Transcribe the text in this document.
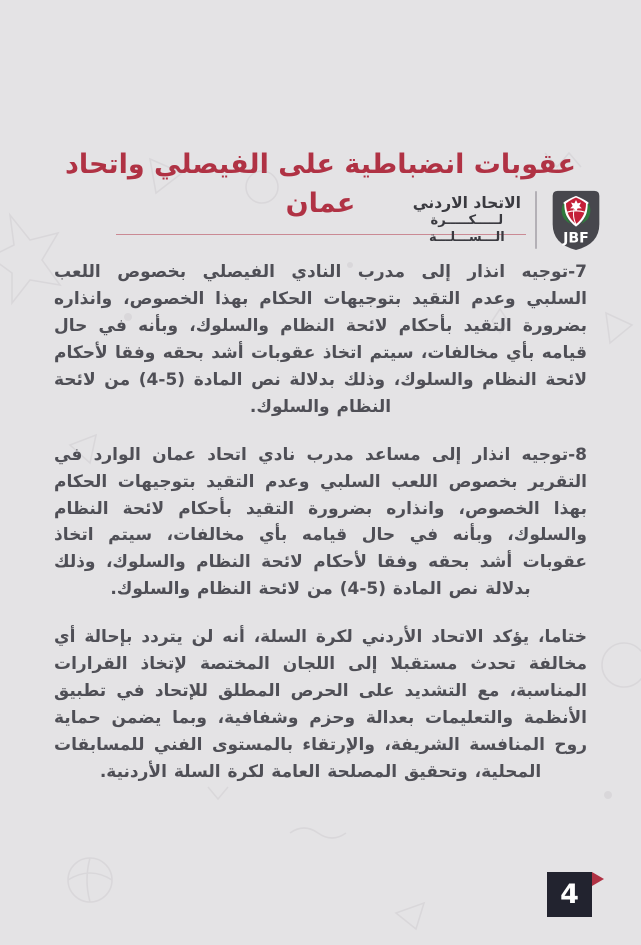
الاتحاد الاردني
لـــــكـــــرة
الـــســـلـــة	JBF
عقوبات انضباطية على الفيصلي واتحاد عمان

7-توجيه انذار إلى مدرب النادي الفيصلي بخصوص اللعب السلبي وعدم التقيد بتوجيهات الحكام بهذا الخصوص، وانذاره بضرورة التقيد بأحكام لائحة النظام والسلوك، وبأنه في حال قيامه بأي مخالفات، سيتم اتخاذ عقوبات أشد بحقه وفقا لأحكام لائحة النظام والسلوك، وذلك بدلالة نص المادة (5-4) من لائحة النظام والسلوك.

8-توجيه انذار إلى مساعد مدرب نادي اتحاد عمان الوارد في التقرير بخصوص اللعب السلبي وعدم التقيد بتوجيهات الحكام بهذا الخصوص، وانذاره بضرورة التقيد بأحكام لائحة النظام والسلوك، وبأنه في حال قيامه بأي مخالفات، سيتم اتخاذ عقوبات أشد بحقه وفقا لأحكام لائحة النظام والسلوك، وذلك بدلالة نص المادة (5-4) من لائحة النظام والسلوك.

ختاما، يؤكد الاتحاد الأردني لكرة السلة، أنه لن يتردد بإحالة أي مخالفة تحدث مستقبلا إلى اللجان المختصة لإتخاذ القرارات المناسبة، مع التشديد على الحرص المطلق للإتحاد في تطبيق الأنظمة والتعليمات بعدالة وحزم وشفافية، وبما يضمن حماية روح المنافسة الشريفة، والإرتقاء بالمستوى الفني للمسابقات المحلية، وتحقيق المصلحة العامة لكرة السلة الأردنية.

4
